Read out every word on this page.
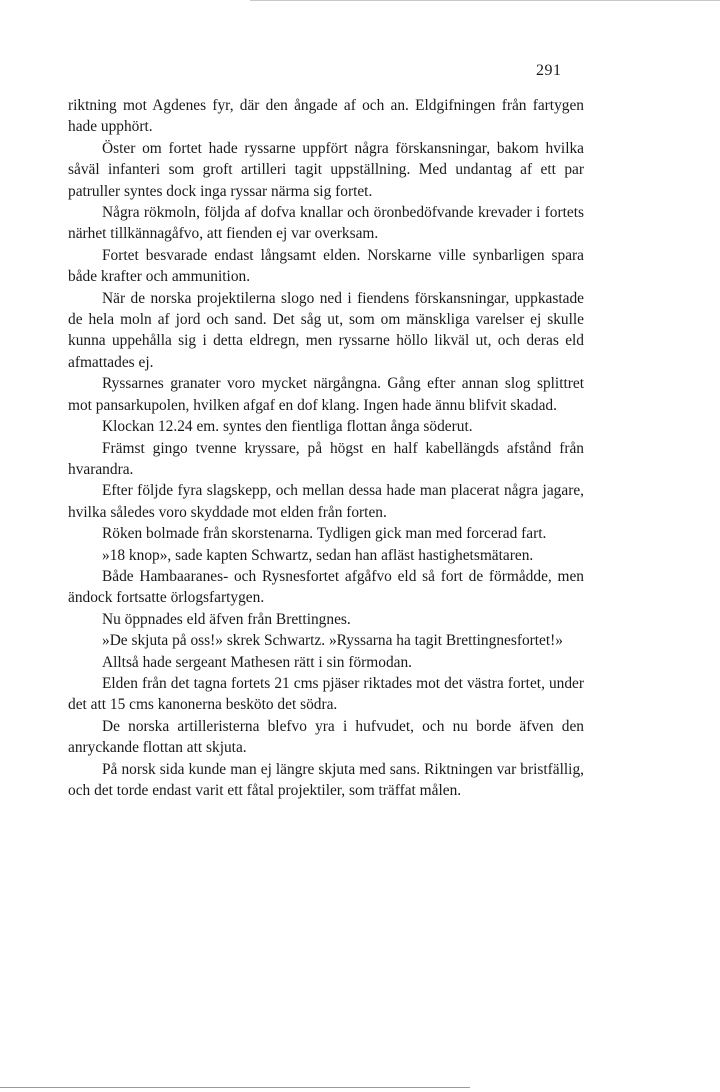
291

riktning mot Agdenes fyr, där den ångade af och an. Eldgifningen från fartygen hade upphört.

Öster om fortet hade ryssarne uppfört några förskansningar, bakom hvilka såväl infanteri som groft artilleri tagit uppställning. Med undantag af ett par patruller syntes dock inga ryssar närma sig fortet.

Några rökmoln, följda af dofva knallar och öronbedöfvande krevader i fortets närhet tillkännagåfvo, att fienden ej var overksam.

Fortet besvarade endast långsamt elden. Norskarne ville synbarligen spara både krafter och ammunition.

När de norska projektilerna slogo ned i fiendens förskansningar, uppkastade de hela moln af jord och sand. Det såg ut, som om mänskliga varelser ej skulle kunna uppehålla sig i detta eldregn, men ryssarne höllo likväl ut, och deras eld afmattades ej.

Ryssarnes granater voro mycket närgångna. Gång efter annan slog splittret mot pansarkupolen, hvilken afgaf en dof klang. Ingen hade ännu blifvit skadad.

Klockan 12.24 em. syntes den fientliga flottan ånga söderut.

Främst gingo tvenne kryssare, på högst en half kabellängds afstånd från hvarandra.

Efter följde fyra slagskepp, och mellan dessa hade man placerat några jagare, hvilka således voro skyddade mot elden från forten.

Röken bolmade från skorstenarna. Tydligen gick man med forcerad fart.

»18 knop», sade kapten Schwartz, sedan han afläst hastighetsmätaren.

Både Hambaaranes- och Rysnesfortet afgåfvo eld så fort de förmådde, men ändock fortsatte örlogsfartygen.

Nu öppnades eld äfven från Brettingnes.

»De skjuta på oss!» skrek Schwartz. »Ryssarna ha tagit Brettingnesfortet!»

Alltså hade sergeant Mathesen rätt i sin förmodan.

Elden från det tagna fortets 21 cms pjäser riktades mot det västra fortet, under det att 15 cms kanonerna besköto det södra.

De norska artilleristerna blefvo yra i hufvudet, och nu borde äfven den anryckande flottan att skjuta.

På norsk sida kunde man ej längre skjuta med sans. Riktningen var bristfällig, och det torde endast varit ett fåtal projektiler, som träffat målen.
